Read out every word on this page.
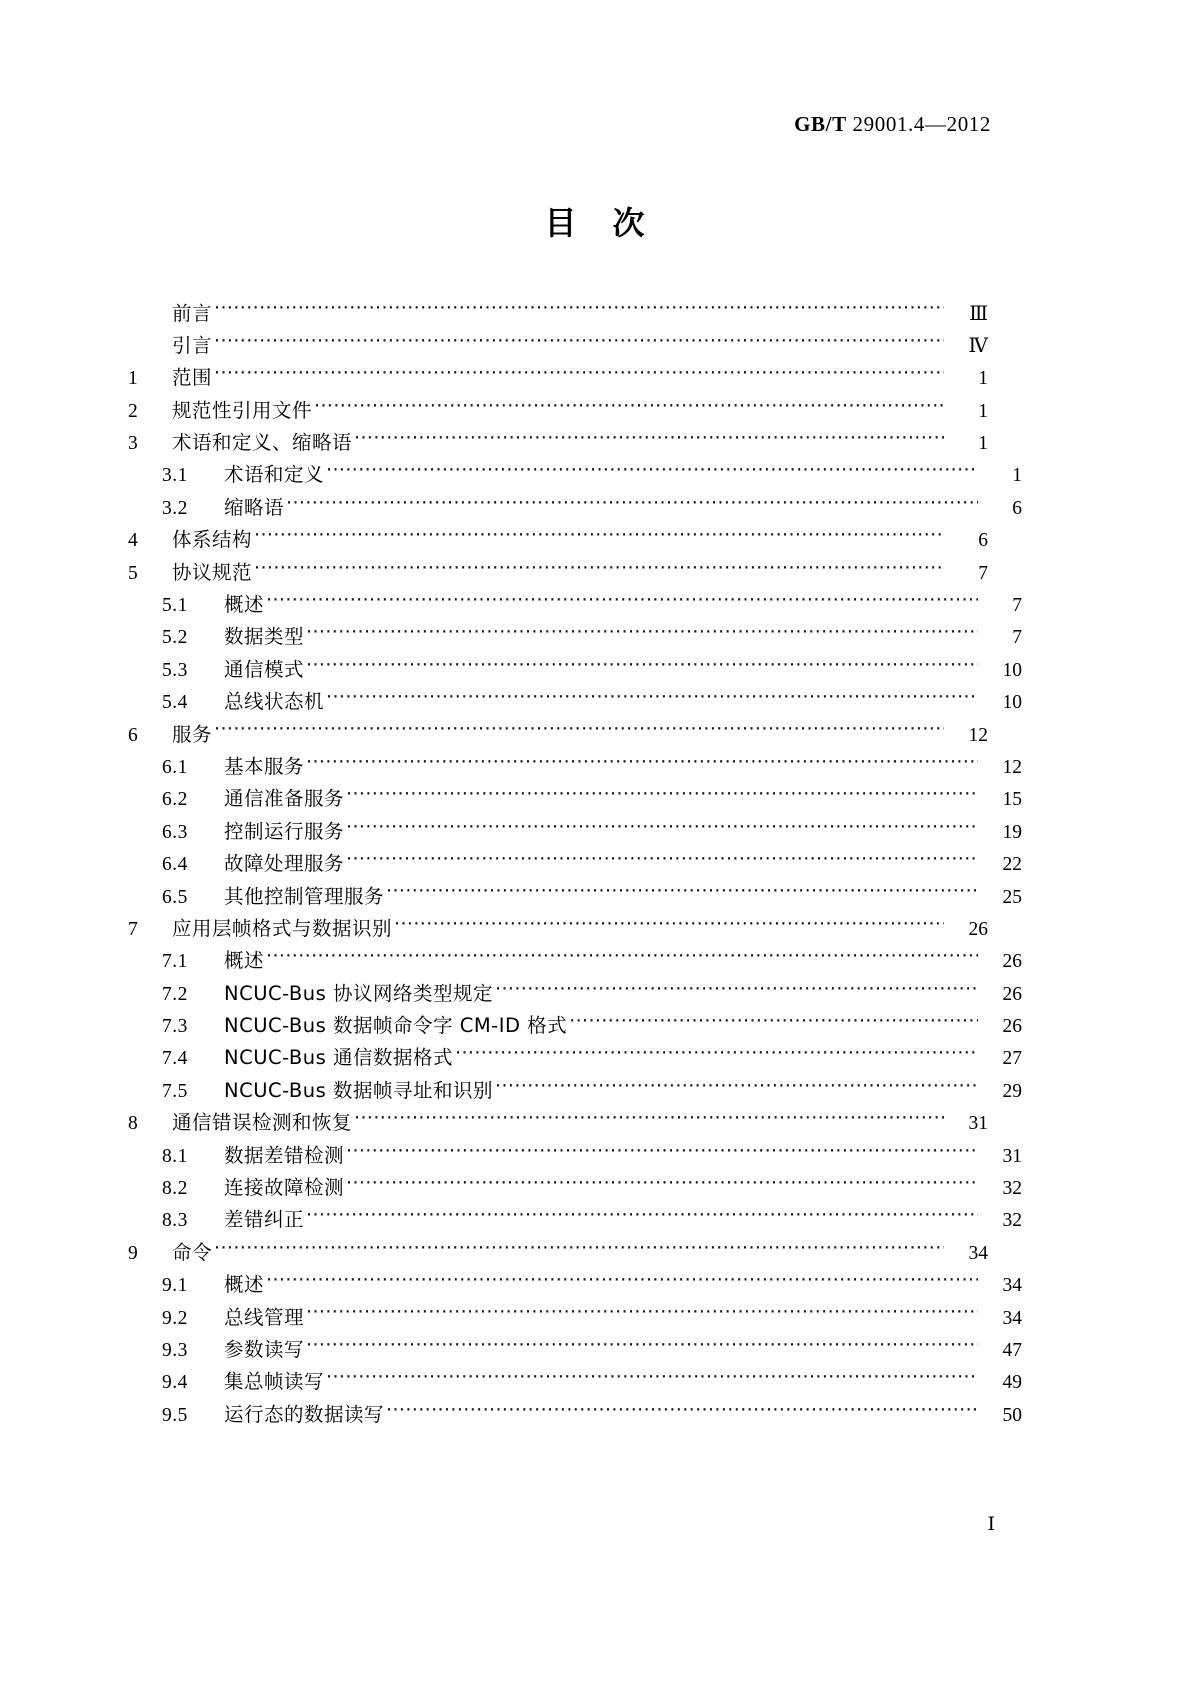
GB/T 29001.4—2012
目 次
前言 ·····	Ⅲ
引言 ·····	Ⅳ
1	范围 ·····	1
2	规范性引用文件 ·····	1
3	术语和定义、缩略语 ·····	1
3.1	术语和定义 ·····	1
3.2	缩略语 ·····	6
4	体系结构 ·····	6
5	协议规范 ·····	7
5.1	概述 ·····	7
5.2	数据类型 ·····	7
5.3	通信模式 ·····	10
5.4	总线状态机 ·····	10
6	服务 ·····	12
6.1	基本服务 ·····	12
6.2	通信准备服务 ·····	15
6.3	控制运行服务 ·····	19
6.4	故障处理服务 ·····	22
6.5	其他控制管理服务 ·····	25
7	应用层帧格式与数据识别 ·····	26
7.1	概述 ·····	26
7.2	NCUC-Bus 协议网络类型规定 ·····	26
7.3	NCUC-Bus 数据帧命令字 CM-ID 格式 ·····	26
7.4	NCUC-Bus 通信数据格式 ·····	27
7.5	NCUC-Bus 数据帧寻址和识别 ·····	29
8	通信错误检测和恢复 ·····	31
8.1	数据差错检测 ·····	31
8.2	连接故障检测 ·····	32
8.3	差错纠正 ·····	32
9	命令 ·····	34
9.1	概述 ·····	34
9.2	总线管理 ·····	34
9.3	参数读写 ·····	47
9.4	集总帧读写 ·····	49
9.5	运行态的数据读写 ·····	50
Ⅰ
